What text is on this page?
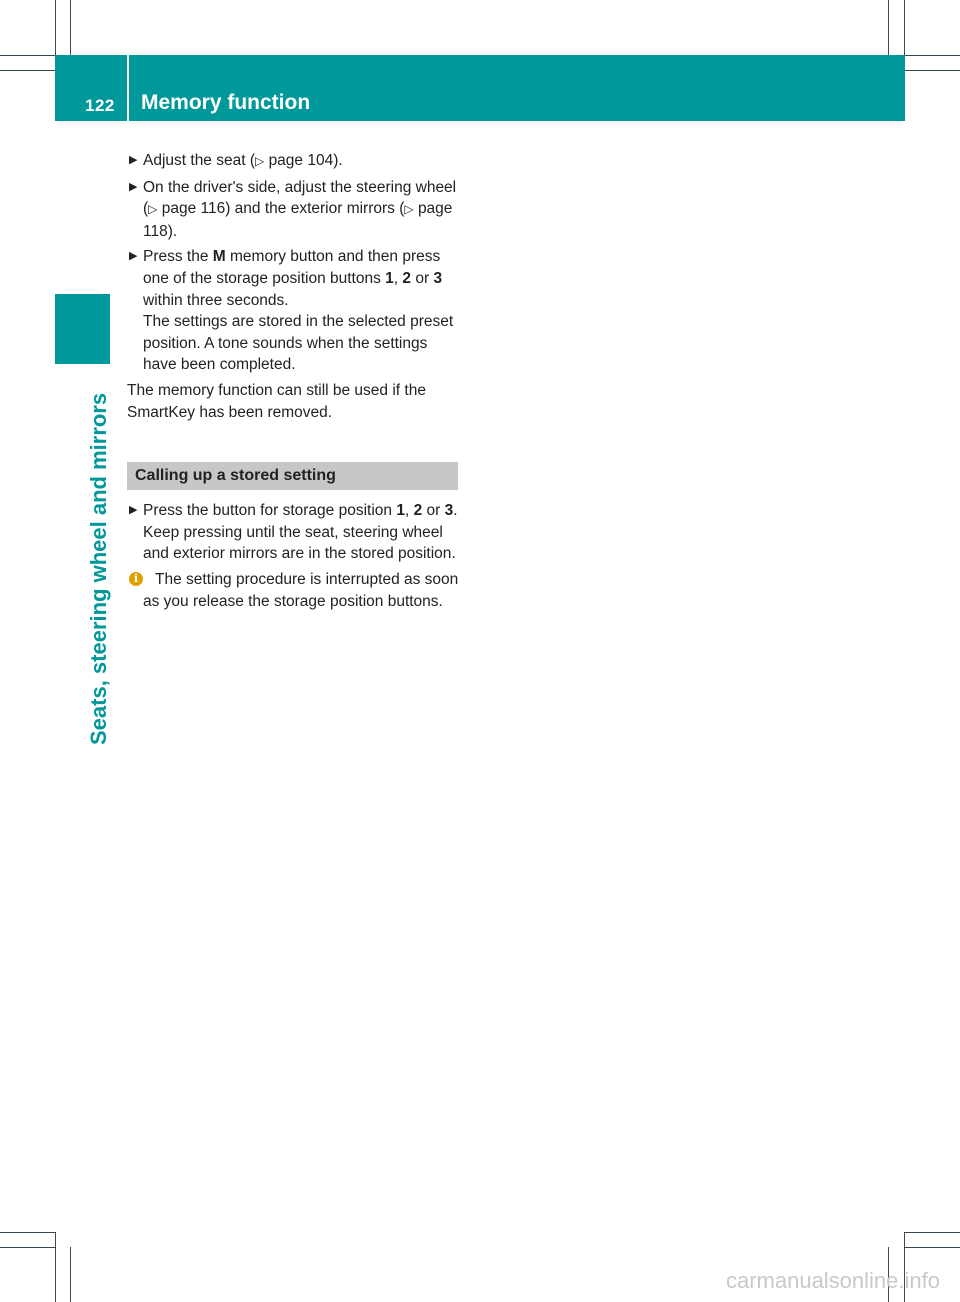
122 Memory function
Seats, steering wheel and mirrors
▶ Adjust the seat (▷ page 104).
▶ On the driver's side, adjust the steering wheel (▷ page 116) and the exterior mirrors (▷ page 118).
▶ Press the M memory button and then press one of the storage position buttons 1, 2 or 3 within three seconds.
The settings are stored in the selected preset position. A tone sounds when the settings have been completed.

The memory function can still be used if the SmartKey has been removed.

Calling up a stored setting
▶ Press the button for storage position 1, 2 or 3. Keep pressing until the seat, steering wheel and exterior mirrors are in the stored position.
i	The setting procedure is interrupted as soon as you release the storage position buttons.
carmanualsonline.info
